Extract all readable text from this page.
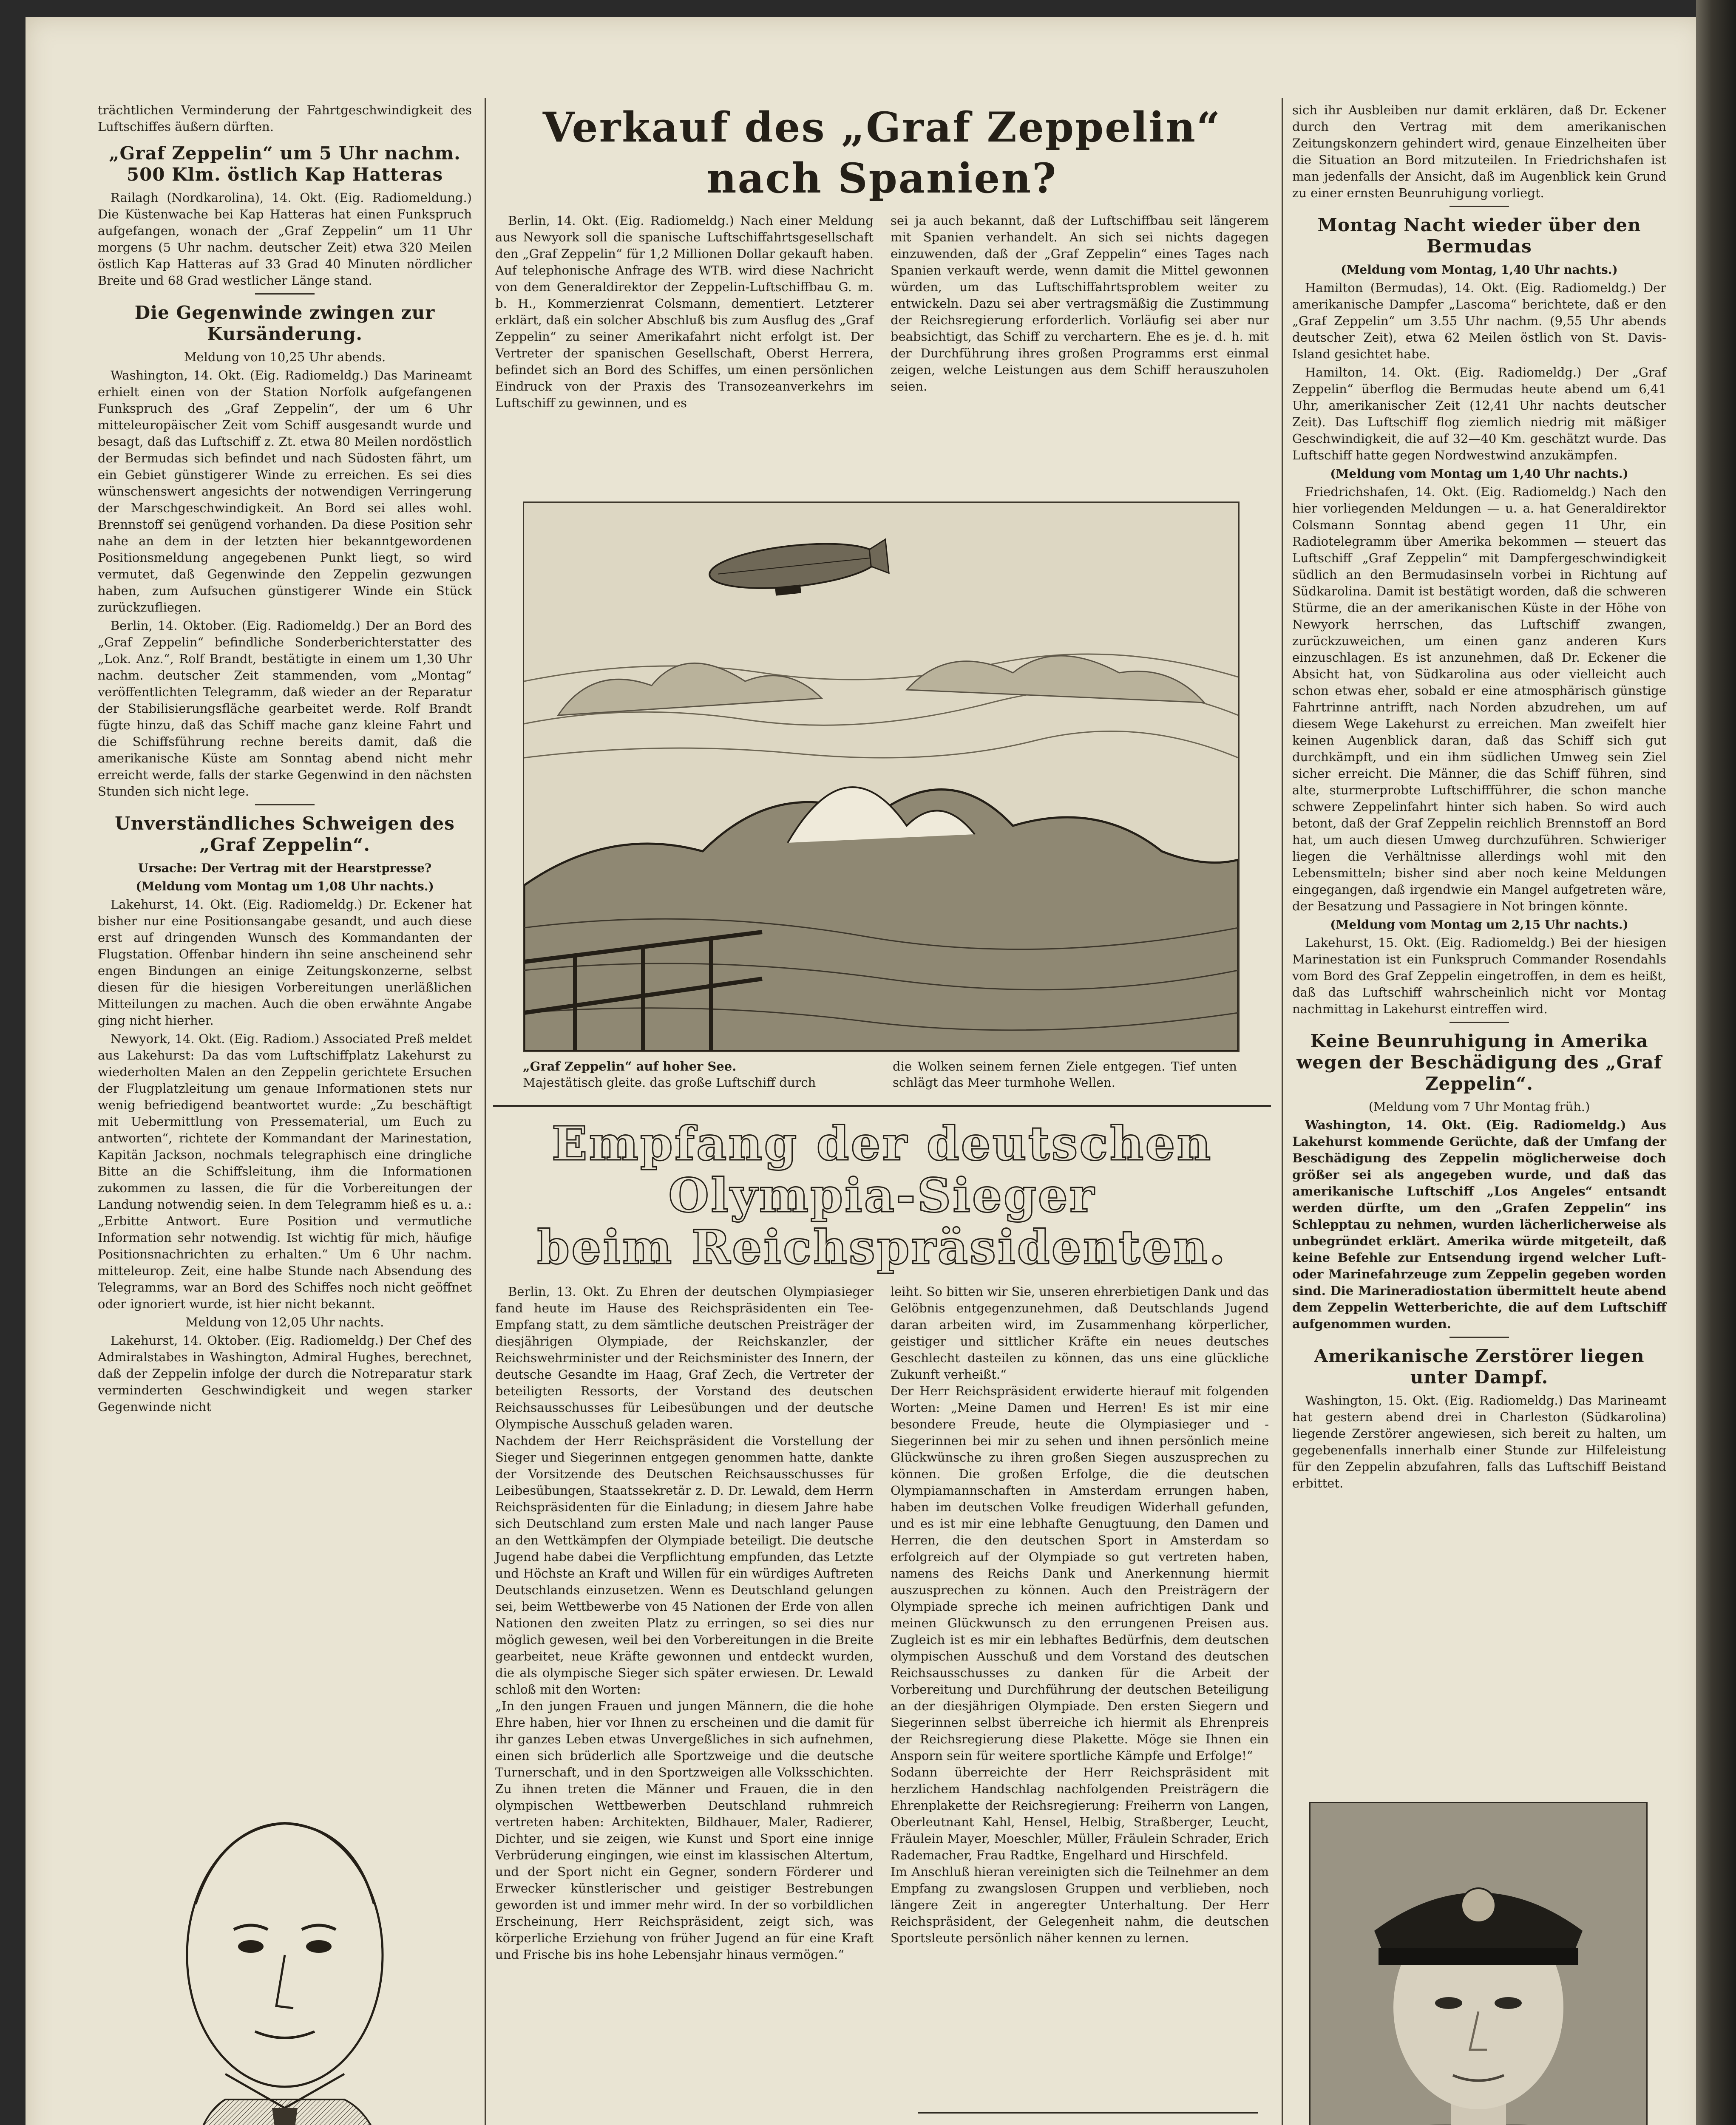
trächtlichen Verminderung der Fahrtgeschwindigkeit des Luftschiffes äußern dürften.

„Graf Zeppelin“ um 5 Uhr nachm. 500 Klm. östlich Kap Hatteras

Railagh (Nordkarolina), 14. Okt. (Eig. Radiomeldung.) Die Küstenwache bei Kap Hatteras hat einen Funkspruch aufgefangen, wonach der „Graf Zeppelin“ um 11 Uhr morgens (5 Uhr nachm. deutscher Zeit) etwa 320 Meilen östlich Kap Hatteras auf 33 Grad 40 Minuten nördlicher Breite und 68 Grad westlicher Länge stand.

Die Gegenwinde zwingen zur Kursänderung.

Meldung von 10,25 Uhr abends.

Washington, 14. Okt. (Eig. Radiomeldg.) Das Marineamt erhielt einen von der Station Norfolk aufgefangenen Funkspruch des „Graf Zeppelin“, der um 6 Uhr mitteleuropäischer Zeit vom Schiff ausgesandt wurde und besagt, daß das Luftschiff z. Zt. etwa 80 Meilen nordöstlich der Bermudas sich befindet und nach Südosten fährt, um ein Gebiet günstigerer Winde zu erreichen. Es sei dies wünschenswert angesichts der notwendigen Verringerung der Marschgeschwindigkeit. An Bord sei alles wohl. Brennstoff sei genügend vorhanden. Da diese Position sehr nahe an dem in der letzten hier bekanntgewordenen Positionsmeldung angegebenen Punkt liegt, so wird vermutet, daß Gegenwinde den Zeppelin gezwungen haben, zum Aufsuchen günstigerer Winde ein Stück zurückzufliegen.

Berlin, 14. Oktober. (Eig. Radiomeldg.) Der an Bord des „Graf Zeppelin“ befindliche Sonderberichterstatter des „Lok. Anz.“, Rolf Brandt, bestätigte in einem um 1,30 Uhr nachm. deutscher Zeit stammenden, vom „Montag“ veröffentlichten Telegramm, daß wieder an der Reparatur der Stabilisierungsfläche gearbeitet werde. Rolf Brandt fügte hinzu, daß das Schiff mache ganz kleine Fahrt und die Schiffsführung rechne bereits damit, daß die amerikanische Küste am Sonntag abend nicht mehr erreicht werde, falls der starke Gegenwind in den nächsten Stunden sich nicht lege.

Unverständliches Schweigen des „Graf Zeppelin“.

Ursache: Der Vertrag mit der Hearstpresse?

(Meldung vom Montag um 1,08 Uhr nachts.)

Lakehurst, 14. Okt. (Eig. Radiomeldg.) Dr. Eckener hat bisher nur eine Positionsangabe gesandt, und auch diese erst auf dringenden Wunsch des Kommandanten der Flugstation. Offenbar hindern ihn seine anscheinend sehr engen Bindungen an einige Zeitungskonzerne, selbst diesen für die hiesigen Vorbereitungen unerläßlichen Mitteilungen zu machen. Auch die oben erwähnte Angabe ging nicht hierher.

Newyork, 14. Okt. (Eig. Radiom.) Associated Preß meldet aus Lakehurst: Da das vom Luftschiffplatz Lakehurst zu wiederholten Malen an den Zeppelin gerichtete Ersuchen der Flugplatzleitung um genaue Informationen stets nur wenig befriedigend beantwortet wurde: „Zu beschäftigt mit Uebermittlung von Pressematerial, um Euch zu antworten“, richtete der Kommandant der Marinestation, Kapitän Jackson, nochmals telegraphisch eine dringliche Bitte an die Schiffsleitung, ihm die Informationen zukommen zu lassen, die für die Vorbereitungen der Landung notwendig seien. In dem Telegramm hieß es u. a.: „Erbitte Antwort. Eure Position und vermutliche Information sehr notwendig. Ist wichtig für mich, häufige Positionsnachrichten zu erhalten.“ Um 6 Uhr nachm. mitteleurop. Zeit, eine halbe Stunde nach Absendung des Telegramms, war an Bord des Schiffes noch nicht geöffnet oder ignoriert wurde, ist hier nicht bekannt.

Meldung von 12,05 Uhr nachts.

Lakehurst, 14. Oktober. (Eig. Radiomeldg.) Der Chef des Admiralstabes in Washington, Admiral Hughes, berechnet, daß der Zeppelin infolge der durch die Notreparatur stark verminderten Geschwindigkeit und wegen starker Gegenwinde nicht

Verkauf des „Graf Zeppelin“ nach Spanien?

Berlin, 14. Okt. (Eig. Radiomeldg.) Nach einer Meldung aus Newyork soll die spanische Luftschiffahrtsgesellschaft den „Graf Zeppelin“ für 1,2 Millionen Dollar gekauft haben. Auf telephonische Anfrage des WTB. wird diese Nachricht von dem Generaldirektor der Zeppelin-Luftschiffbau G. m. b. H., Kommerzienrat Colsmann, dementiert. Letzterer erklärt, daß ein solcher Abschluß bis zum Ausflug des „Graf Zeppelin“ zu seiner Amerikafahrt nicht erfolgt ist. Der Vertreter der spanischen Gesellschaft, Oberst Herrera, befindet sich an Bord des Schiffes, um einen persönlichen Eindruck von der Praxis des Transozeanverkehrs im Luftschiff zu gewinnen, und es

sei ja auch bekannt, daß der Luftschiffbau seit längerem mit Spanien verhandelt. An sich sei nichts dagegen einzuwenden, daß der „Graf Zeppelin“ eines Tages nach Spanien verkauft werde, wenn damit die Mittel gewonnen würden, um das Luftschiffahrtsproblem weiter zu entwickeln. Dazu sei aber vertragsmäßig die Zustimmung der Reichsregierung erforderlich. Vorläufig sei aber nur beabsichtigt, das Schiff zu verchartern. Ehe es je. d. h. mit der Durchführung ihres großen Programms erst einmal zeigen, welche Leistungen aus dem Schiff herauszuholen seien.

„Graf Zeppelin“ auf hoher See.
Majestätisch gleite. das große Luftschiff durch
die Wolken seinem fernen Ziele entgegen. Tief unten schlägt das Meer turmhohe Wellen.
Empfang der deutschen Olympia-Sieger
beim Reichspräsidenten.

Berlin, 13. Okt. Zu Ehren der deutschen Olympiasieger fand heute im Hause des Reichspräsidenten ein Tee-Empfang statt, zu dem sämtliche deutschen Preisträger der diesjährigen Olympiade, der Reichskanzler, der Reichswehrminister und der Reichsminister des Innern, der deutsche Gesandte im Haag, Graf Zech, die Vertreter der beteiligten Ressorts, der Vorstand des deutschen Reichsausschusses für Leibesübungen und der deutsche Olympische Ausschuß geladen waren.
Nachdem der Herr Reichspräsident die Vorstellung der Sieger und Siegerinnen entgegen genommen hatte, dankte der Vorsitzende des Deutschen Reichsausschusses für Leibesübungen, Staatssekretär z. D. Dr. Lewald, dem Herrn Reichspräsidenten für die Einladung; in diesem Jahre habe sich Deutschland zum ersten Male und nach langer Pause an den Wettkämpfen der Olympiade beteiligt. Die deutsche Jugend habe dabei die Verpflichtung empfunden, das Letzte und Höchste an Kraft und Willen für ein würdiges Auftreten Deutschlands einzusetzen. Wenn es Deutschland gelungen sei, beim Wettbewerbe von 45 Nationen der Erde von allen Nationen den zweiten Platz zu erringen, so sei dies nur möglich gewesen, weil bei den Vorbereitungen in die Breite gearbeitet, neue Kräfte gewonnen und entdeckt wurden, die als olympische Sieger sich später erwiesen. Dr. Lewald schloß mit den Worten:
„In den jungen Frauen und jungen Männern, die die hohe Ehre haben, hier vor Ihnen zu erscheinen und die damit für ihr ganzes Leben etwas Unvergeßliches in sich aufnehmen, einen sich brüderlich alle Sportzweige und die deutsche Turnerschaft, und in den Sportzweigen alle Volksschichten. Zu ihnen treten die Männer und Frauen, die in den olympischen Wettbewerben Deutschland ruhmreich vertreten haben: Architekten, Bildhauer, Maler, Radierer, Dichter, und sie zeigen, wie Kunst und Sport eine innige Verbrüderung eingingen, wie einst im klassischen Altertum, und der Sport nicht ein Gegner, sondern Förderer und Erwecker künstlerischer und geistiger Bestrebungen geworden ist und immer mehr wird. In der so vorbildlichen Erscheinung, Herr Reichspräsident, zeigt sich, was körperliche Erziehung von früher Jugend an für eine Kraft und Frische bis ins hohe Lebensjahr hinaus vermögen.“

leiht. So bitten wir Sie, unseren ehrerbietigen Dank und das Gelöbnis entgegenzunehmen, daß Deutschlands Jugend daran arbeiten wird, im Zusammenhang körperlicher, geistiger und sittlicher Kräfte ein neues deutsches Geschlecht dasteilen zu können, das uns eine glückliche Zukunft verheißt.“
Der Herr Reichspräsident erwiderte hierauf mit folgenden Worten: „Meine Damen und Herren! Es ist mir eine besondere Freude, heute die Olympiasieger und -Siegerinnen bei mir zu sehen und ihnen persönlich meine Glückwünsche zu ihren großen Siegen auszusprechen zu können. Die großen Erfolge, die die deutschen Olympiamannschaften in Amsterdam errungen haben, haben im deutschen Volke freudigen Widerhall gefunden, und es ist mir eine lebhafte Genugtuung, den Damen und Herren, die den deutschen Sport in Amsterdam so erfolgreich auf der Olympiade so gut vertreten haben, namens des Reichs Dank und Anerkennung hiermit auszusprechen zu können. Auch den Preisträgern der Olympiade spreche ich meinen aufrichtigen Dank und meinen Glückwunsch zu den errungenen Preisen aus. Zugleich ist es mir ein lebhaftes Bedürfnis, dem deutschen olympischen Ausschuß und dem Vorstand des deutschen Reichsausschusses zu danken für die Arbeit der Vorbereitung und Durchführung der deutschen Beteiligung an der diesjährigen Olympiade. Den ersten Siegern und Siegerinnen selbst überreiche ich hiermit als Ehrenpreis der Reichsregierung diese Plakette. Möge sie Ihnen ein Ansporn sein für weitere sportliche Kämpfe und Erfolge!“
Sodann überreichte der Herr Reichspräsident mit herzlichem Handschlag nachfolgenden Preisträgern die Ehrenplakette der Reichsregierung: Freiherrn von Langen, Oberleutnant Kahl, Hensel, Helbig, Straßberger, Leucht, Fräulein Mayer, Moeschler, Müller, Fräulein Schrader, Erich Rademacher, Frau Radtke, Engelhard und Hirschfeld.
Im Anschluß hieran vereinigten sich die Teilnehmer an dem Empfang zu zwangslosen Gruppen und verblieben, noch längere Zeit in angeregter Unterhaltung. Der Herr Reichspräsident, der Gelegenheit nahm, die deutschen Sportsleute persönlich näher kennen zu lernen.

sich ihr Ausbleiben nur damit erklären, daß Dr. Eckener durch den Vertrag mit dem amerikanischen Zeitungskonzern gehindert wird, genaue Einzelheiten über die Situation an Bord mitzuteilen. In Friedrichshafen ist man jedenfalls der Ansicht, daß im Augenblick kein Grund zu einer ernsten Beunruhigung vorliegt.

Montag Nacht wieder über den Bermudas

(Meldung vom Montag, 1,40 Uhr nachts.)

Hamilton (Bermudas), 14. Okt. (Eig. Radiomeldg.) Der amerikanische Dampfer „Lascoma“ berichtete, daß er den „Graf Zeppelin“ um 3.55 Uhr nachm. (9,55 Uhr abends deutscher Zeit), etwa 62 Meilen östlich von St. Davis-Island gesichtet habe.

Hamilton, 14. Okt. (Eig. Radiomeldg.) Der „Graf Zeppelin“ überflog die Bermudas heute abend um 6,41 Uhr, amerikanischer Zeit (12,41 Uhr nachts deutscher Zeit). Das Luftschiff flog ziemlich niedrig mit mäßiger Geschwindigkeit, die auf 32—40 Km. geschätzt wurde. Das Luftschiff hatte gegen Nordwestwind anzukämpfen.

(Meldung vom Montag um 1,40 Uhr nachts.)

Friedrichshafen, 14. Okt. (Eig. Radiomeldg.) Nach den hier vorliegenden Meldungen — u. a. hat Generaldirektor Colsmann Sonntag abend gegen 11 Uhr, ein Radiotelegramm über Amerika bekommen — steuert das Luftschiff „Graf Zeppelin“ mit Dampfergeschwindigkeit südlich an den Bermudasinseln vorbei in Richtung auf Südkarolina. Damit ist bestätigt worden, daß die schweren Stürme, die an der amerikanischen Küste in der Höhe von Newyork herrschen, das Luftschiff zwangen, zurückzuweichen, um einen ganz anderen Kurs einzuschlagen. Es ist anzunehmen, daß Dr. Eckener die Absicht hat, von Südkarolina aus oder vielleicht auch schon etwas eher, sobald er eine atmosphärisch günstige Fahrtrinne antrifft, nach Norden abzudrehen, um auf diesem Wege Lakehurst zu erreichen. Man zweifelt hier keinen Augenblick daran, daß das Schiff sich gut durchkämpft, und ein ihm südlichen Umweg sein Ziel sicher erreicht. Die Männer, die das Schiff führen, sind alte, sturmerprobte Luftschiffführer, die schon manche schwere Zeppelinfahrt hinter sich haben. So wird auch betont, daß der Graf Zeppelin reichlich Brennstoff an Bord hat, um auch diesen Umweg durchzuführen. Schwieriger liegen die Verhältnisse allerdings wohl mit den Lebensmitteln; bisher sind aber noch keine Meldungen eingegangen, daß irgendwie ein Mangel aufgetreten wäre, der Besatzung und Passagiere in Not bringen könnte.

(Meldung vom Montag um 2,15 Uhr nachts.)

Lakehurst, 15. Okt. (Eig. Radiomeldg.) Bei der hiesigen Marinestation ist ein Funkspruch Commander Rosendahls vom Bord des Graf Zeppelin eingetroffen, in dem es heißt, daß das Luftschiff wahrscheinlich nicht vor Montag nachmittag in Lakehurst eintreffen wird.

Keine Beunruhigung in Amerika wegen der Beschädigung des „Graf Zeppelin“.

(Meldung vom 7 Uhr Montag früh.)

Washington, 14. Okt. (Eig. Radiomeldg.) Aus Lakehurst kommende Gerüchte, daß der Umfang der Beschädigung des Zeppelin möglicherweise doch größer sei als angegeben wurde, und daß das amerikanische Luftschiff „Los Angeles“ entsandt werden dürfte, um den „Grafen Zeppelin“ ins Schlepptau zu nehmen, wurden lächerlicherweise als unbegründet erklärt. Amerika würde mitgeteilt, daß keine Befehle zur Entsendung irgend welcher Luft- oder Marinefahrzeuge zum Zeppelin gegeben worden sind. Die Marineradiostation übermittelt heute abend dem Zeppelin Wetterberichte, die auf dem Luftschiff aufgenommen wurden.

Amerikanische Zerstörer liegen unter Dampf.

Washington, 15. Okt. (Eig. Radiomeldg.) Das Marineamt hat gestern abend drei in Charleston (Südkarolina) liegende Zerstörer angewiesen, sich bereit zu halten, um gegebenenfalls innerhalb einer Stunde zur Hilfeleistung für den Zeppelin abzufahren, falls das Luftschiff Beistand erbittet.
